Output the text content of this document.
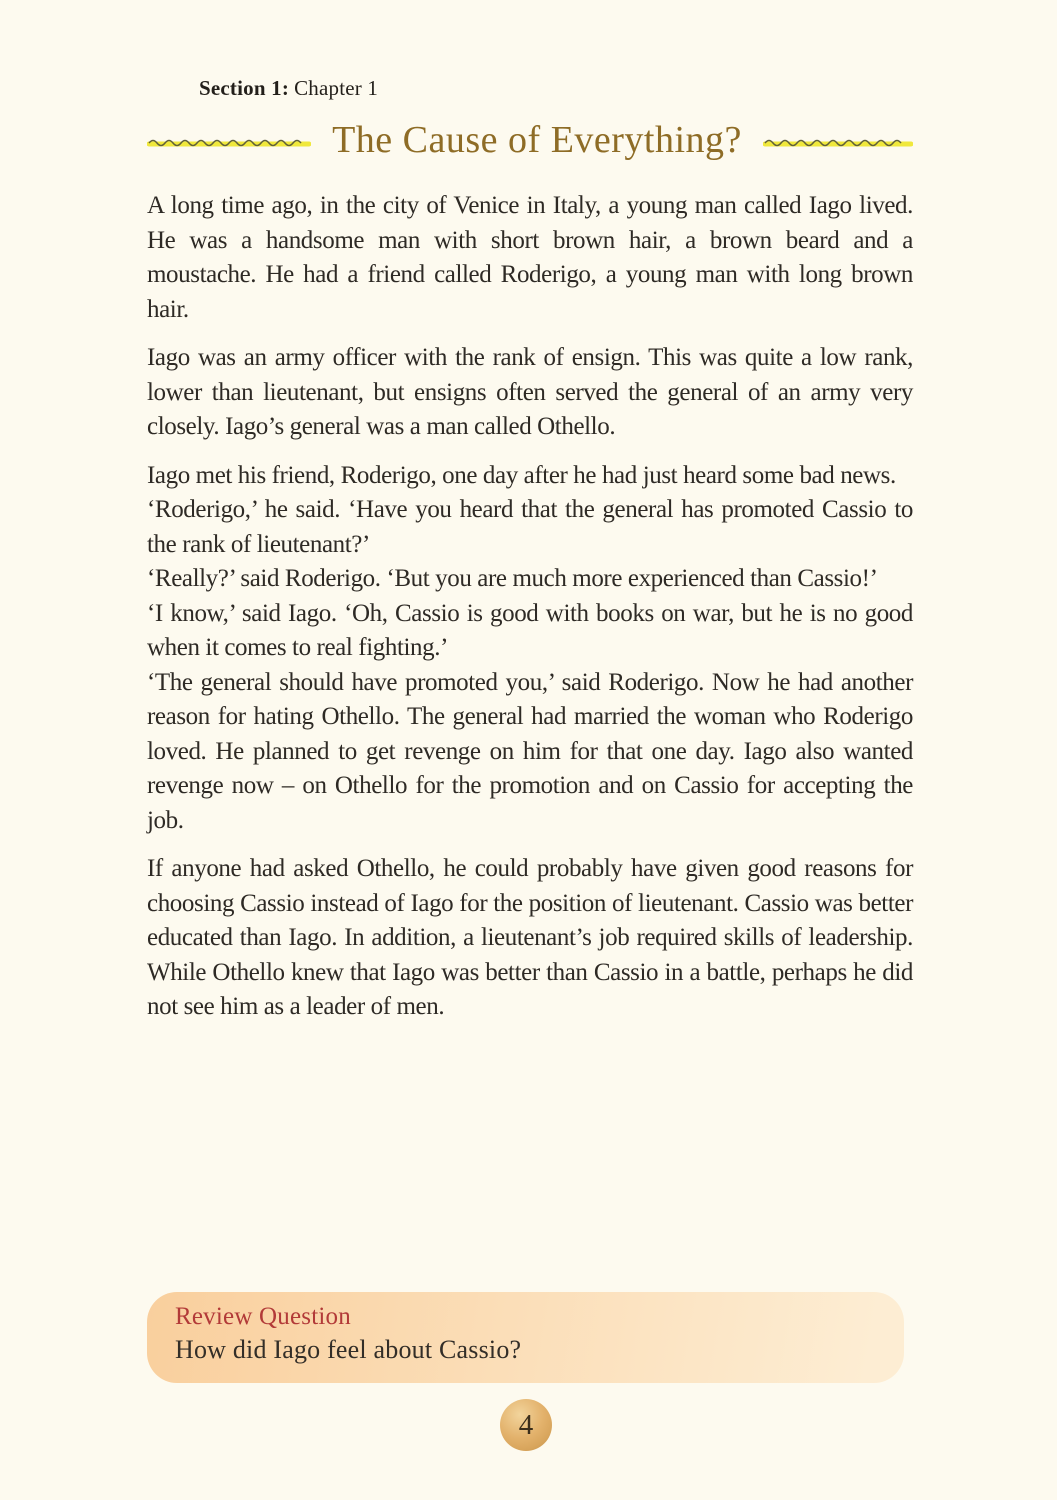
Section 1: Chapter 1
The Cause of Everything?

A long time ago, in the city of Venice in Italy, a young man called Iago lived. He was a handsome man with short brown hair, a brown beard and a moustache. He had a friend called Roderigo, a young man with long brown hair.

Iago was an army officer with the rank of ensign. This was quite a low rank, lower than lieutenant, but ensigns often served the general of an army very closely. Iago’s general was a man called Othello.

Iago met his friend, Roderigo, one day after he had just heard some bad news.

‘Roderigo,’ he said. ‘Have you heard that the general has promoted Cassio to the rank of lieutenant?’

‘Really?’ said Roderigo. ‘But you are much more experienced than Cassio!’

‘I know,’ said Iago. ‘Oh, Cassio is good with books on war, but he is no good when it comes to real fighting.’

‘The general should have promoted you,’ said Roderigo. Now he had another reason for hating Othello. The general had married the woman who Roderigo loved. He planned to get revenge on him for that one day. Iago also wanted revenge now – on Othello for the promotion and on Cassio for accepting the job.

If anyone had asked Othello, he could probably have given good reasons for choosing Cassio instead of Iago for the position of lieutenant. Cassio was better educated than Iago. In addition, a lieutenant’s job required skills of leadership. While Othello knew that Iago was better than Cassio in a battle, perhaps he did not see him as a leader of men.

Review Question
How did Iago feel about Cassio?
4
